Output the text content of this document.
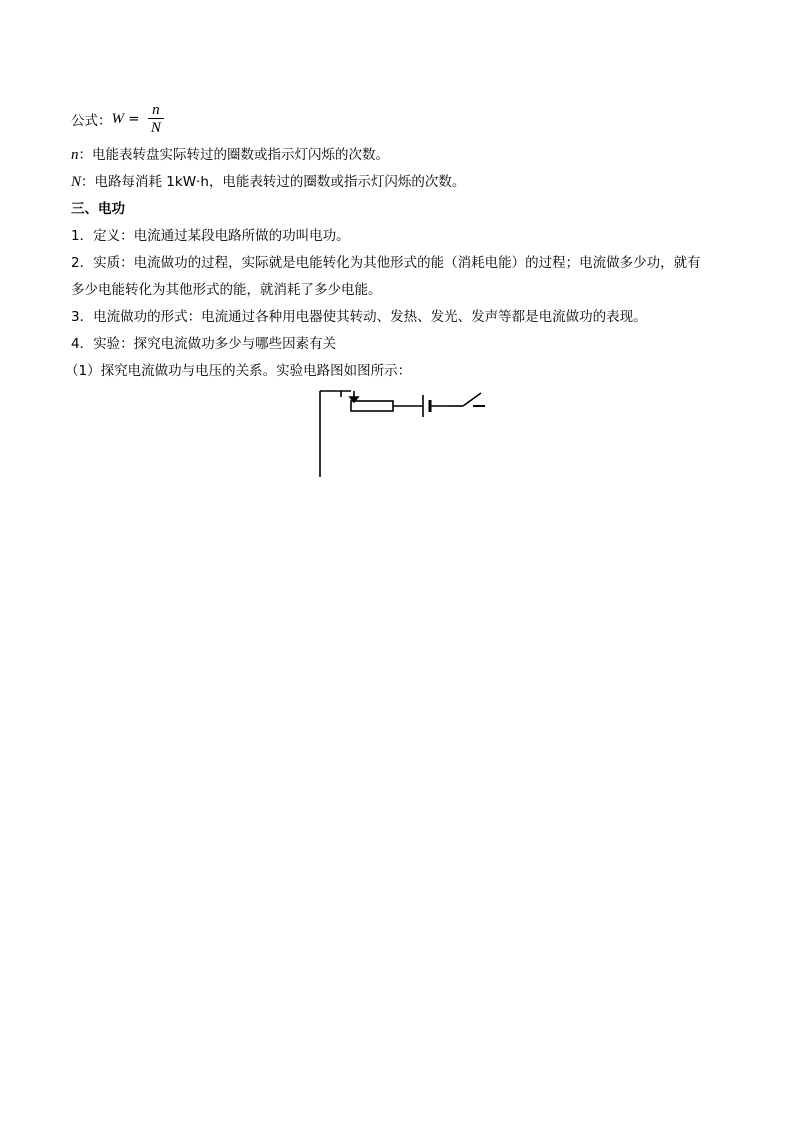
公式： $W = \frac{n}{N}$
n：电能表转盘实际转过的圈数或指示灯闪烁的次数。
N：电路每消耗 1kW·h，电能表转过的圈数或指示灯闪烁的次数。
三、电功
1．定义：电流通过某段电路所做的功叫电功。
2．实质：电流做功的过程，实际就是电能转化为其他形式的能（消耗电能）的过程；电流做多少功，就有
多少电能转化为其他形式的能，就消耗了多少电能。
3．电流做功的形式：电流通过各种用电器使其转动、发热、发光、发声等都是电流做功的表现。
4．实验：探究电流做功多少与哪些因素有关
（1）探究电流做功与电压的关系。实验电路图如图所示：
